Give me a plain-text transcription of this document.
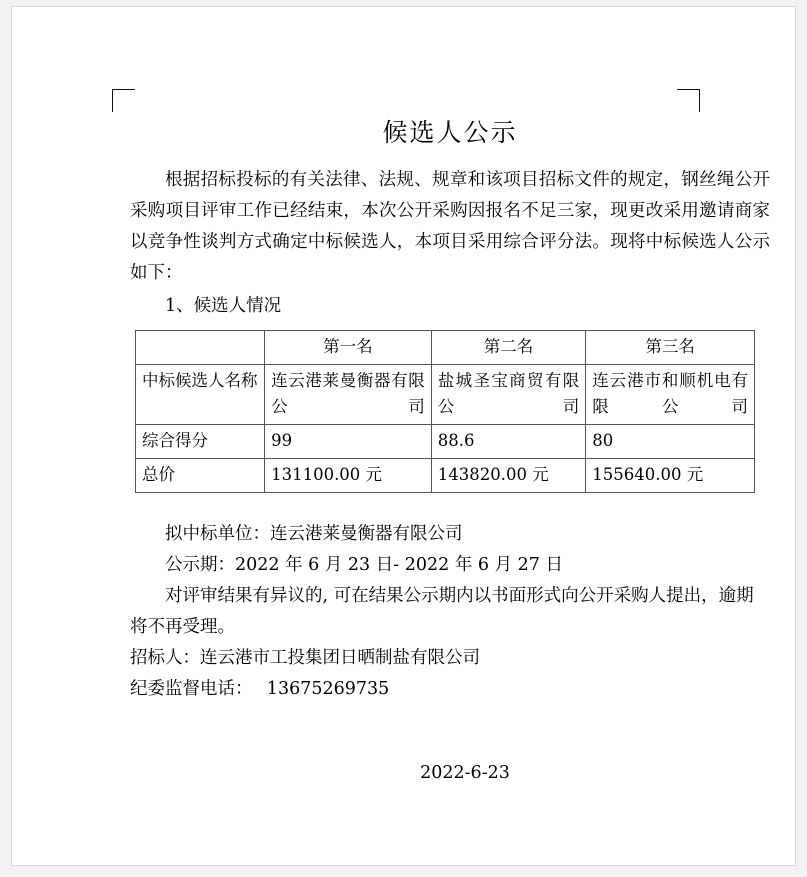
候选人公示

根据招标投标的有关法律、法规、规章和该项目招标文件的规定，钢丝绳公开采购项目评审工作已经结束，本次公开采购因报名不足三家，现更改采用邀请商家以竞争性谈判方式确定中标候选人，本项目采用综合评分法。现将中标候选人公示如下：

1、候选人情况
	第一名	第二名	第三名
中标候选人名称	连云港莱曼衡器有限公司	盐城圣宝商贸有限公司	连云港市和顺机电有限公司
综合得分	99	88.6	80
总价	131100.00 元	143820.00 元	155640.00 元

拟中标单位：连云港莱曼衡器有限公司

公示期：2022 年 6 月 23 日- 2022 年 6 月 27 日

对评审结果有异议的, 可在结果公示期内以书面形式向公开采购人提出，逾期将不再受理。

招标人：连云港市工投集团日晒制盐有限公司

纪委监督电话：　 13675269735

2022-6-23
